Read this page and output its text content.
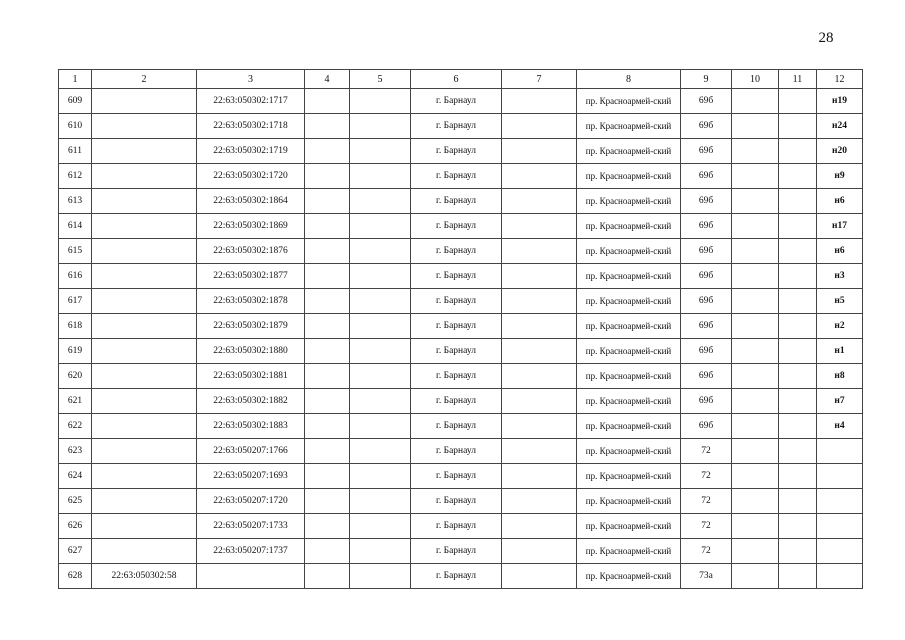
28
1	2	3	4	5	6	7	8	9	10	11	12
609		22:63:050302:1717			г. Барнаул		пр. Красноармей-ский	69б			н19
610		22:63:050302:1718			г. Барнаул		пр. Красноармей-ский	69б			н24
611		22:63:050302:1719			г. Барнаул		пр. Красноармей-ский	69б			н20
612		22:63:050302:1720			г. Барнаул		пр. Красноармей-ский	69б			н9
613		22:63:050302:1864			г. Барнаул		пр. Красноармей-ский	69б			н6
614		22:63:050302:1869			г. Барнаул		пр. Красноармей-ский	69б			н17
615		22:63:050302:1876			г. Барнаул		пр. Красноармей-ский	69б			н6
616		22:63:050302:1877			г. Барнаул		пр. Красноармей-ский	69б			н3
617		22:63:050302:1878			г. Барнаул		пр. Красноармей-ский	69б			н5
618		22:63:050302:1879			г. Барнаул		пр. Красноармей-ский	69б			н2
619		22:63:050302:1880			г. Барнаул		пр. Красноармей-ский	69б			н1
620		22:63:050302:1881			г. Барнаул		пр. Красноармей-ский	69б			н8
621		22:63:050302:1882			г. Барнаул		пр. Красноармей-ский	69б			н7
622		22:63:050302:1883			г. Барнаул		пр. Красноармей-ский	69б			н4
623		22:63:050207:1766			г. Барнаул		пр. Красноармей-ский	72			
624		22:63:050207:1693			г. Барнаул		пр. Красноармей-ский	72			
625		22:63:050207:1720			г. Барнаул		пр. Красноармей-ский	72			
626		22:63:050207:1733			г. Барнаул		пр. Красноармей-ский	72			
627		22:63:050207:1737			г. Барнаул		пр. Красноармей-ский	72			
628	22:63:050302:58				г. Барнаул		пр. Красноармей-ский	73а			
